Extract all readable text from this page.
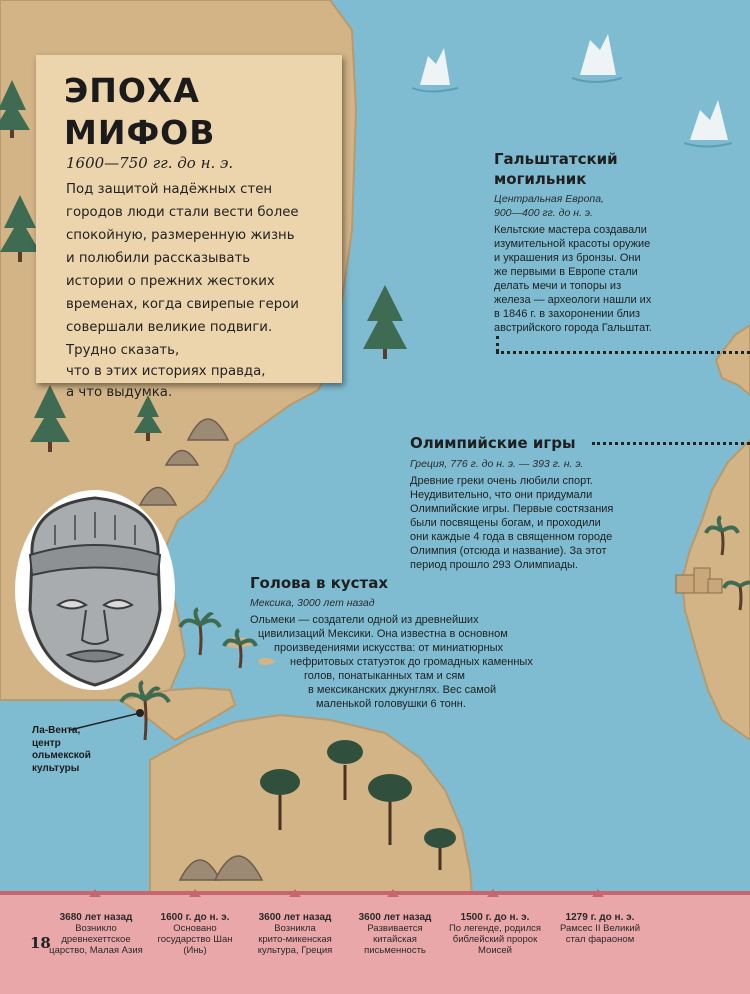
ЭПОХА
МИФОВ
1600—750 гг. до н. э.
Под защитой надёжных стен
городов люди стали вести более
спокойную, размеренную жизнь
и полюбили рассказывать
истории о прежних жестоких
временах, когда свирепые герои
совершали великие подвиги.
Трудно сказать,
что в этих историях правда,
а что выдумка.
Гальштатский
могильник
Центральная Европа,
900—400 гг. до н. э.
Кельтские мастера создавали
изумительной красоты оружие
и украшения из бронзы. Они
же первыми в Европе стали
делать мечи и топоры из
железа — археологи нашли их
в 1846 г. в захоронении близ
австрийского города Гальштат.
Олимпийские игры
Греция, 776 г. до н. э. — 393 г. н. э.
Древние греки очень любили спорт.
Неудивительно, что они придумали
Олимпийские игры. Первые состязания
были посвящены богам, и проходили
они каждые 4 года в священном городе
Олимпия (отсюда и название). За этот
период прошло 293 Олимпиады.
Голова в кустах
Мексика, 3000 лет назад
Ольмеки — создатели одной из древнейших
цивилизаций Мексики. Она известна в основном
произведениями искусства: от миниатюрных
нефритовых статуэток до громадных каменных
голов, понатыканных там и сям
в мексиканских джунглях. Вес самой
маленькой головушки 6 тонн.
Ла-Вента,
центр
ольмекской
культуры
3680 лет назад
Возникло
древнехеттское
царство, Малая Азия
1600 г. до н. э.
Основано
государство Шан
(Инь)
3600 лет назад
Возникла
крито-микенская
культура, Греция
3600 лет назад
Развивается
китайская
письменность
1500 г. до н. э.
По легенде, родился
библейский пророк
Моисей
1279 г. до н. э.
Рамсес II Великий
стал фараоном
18
